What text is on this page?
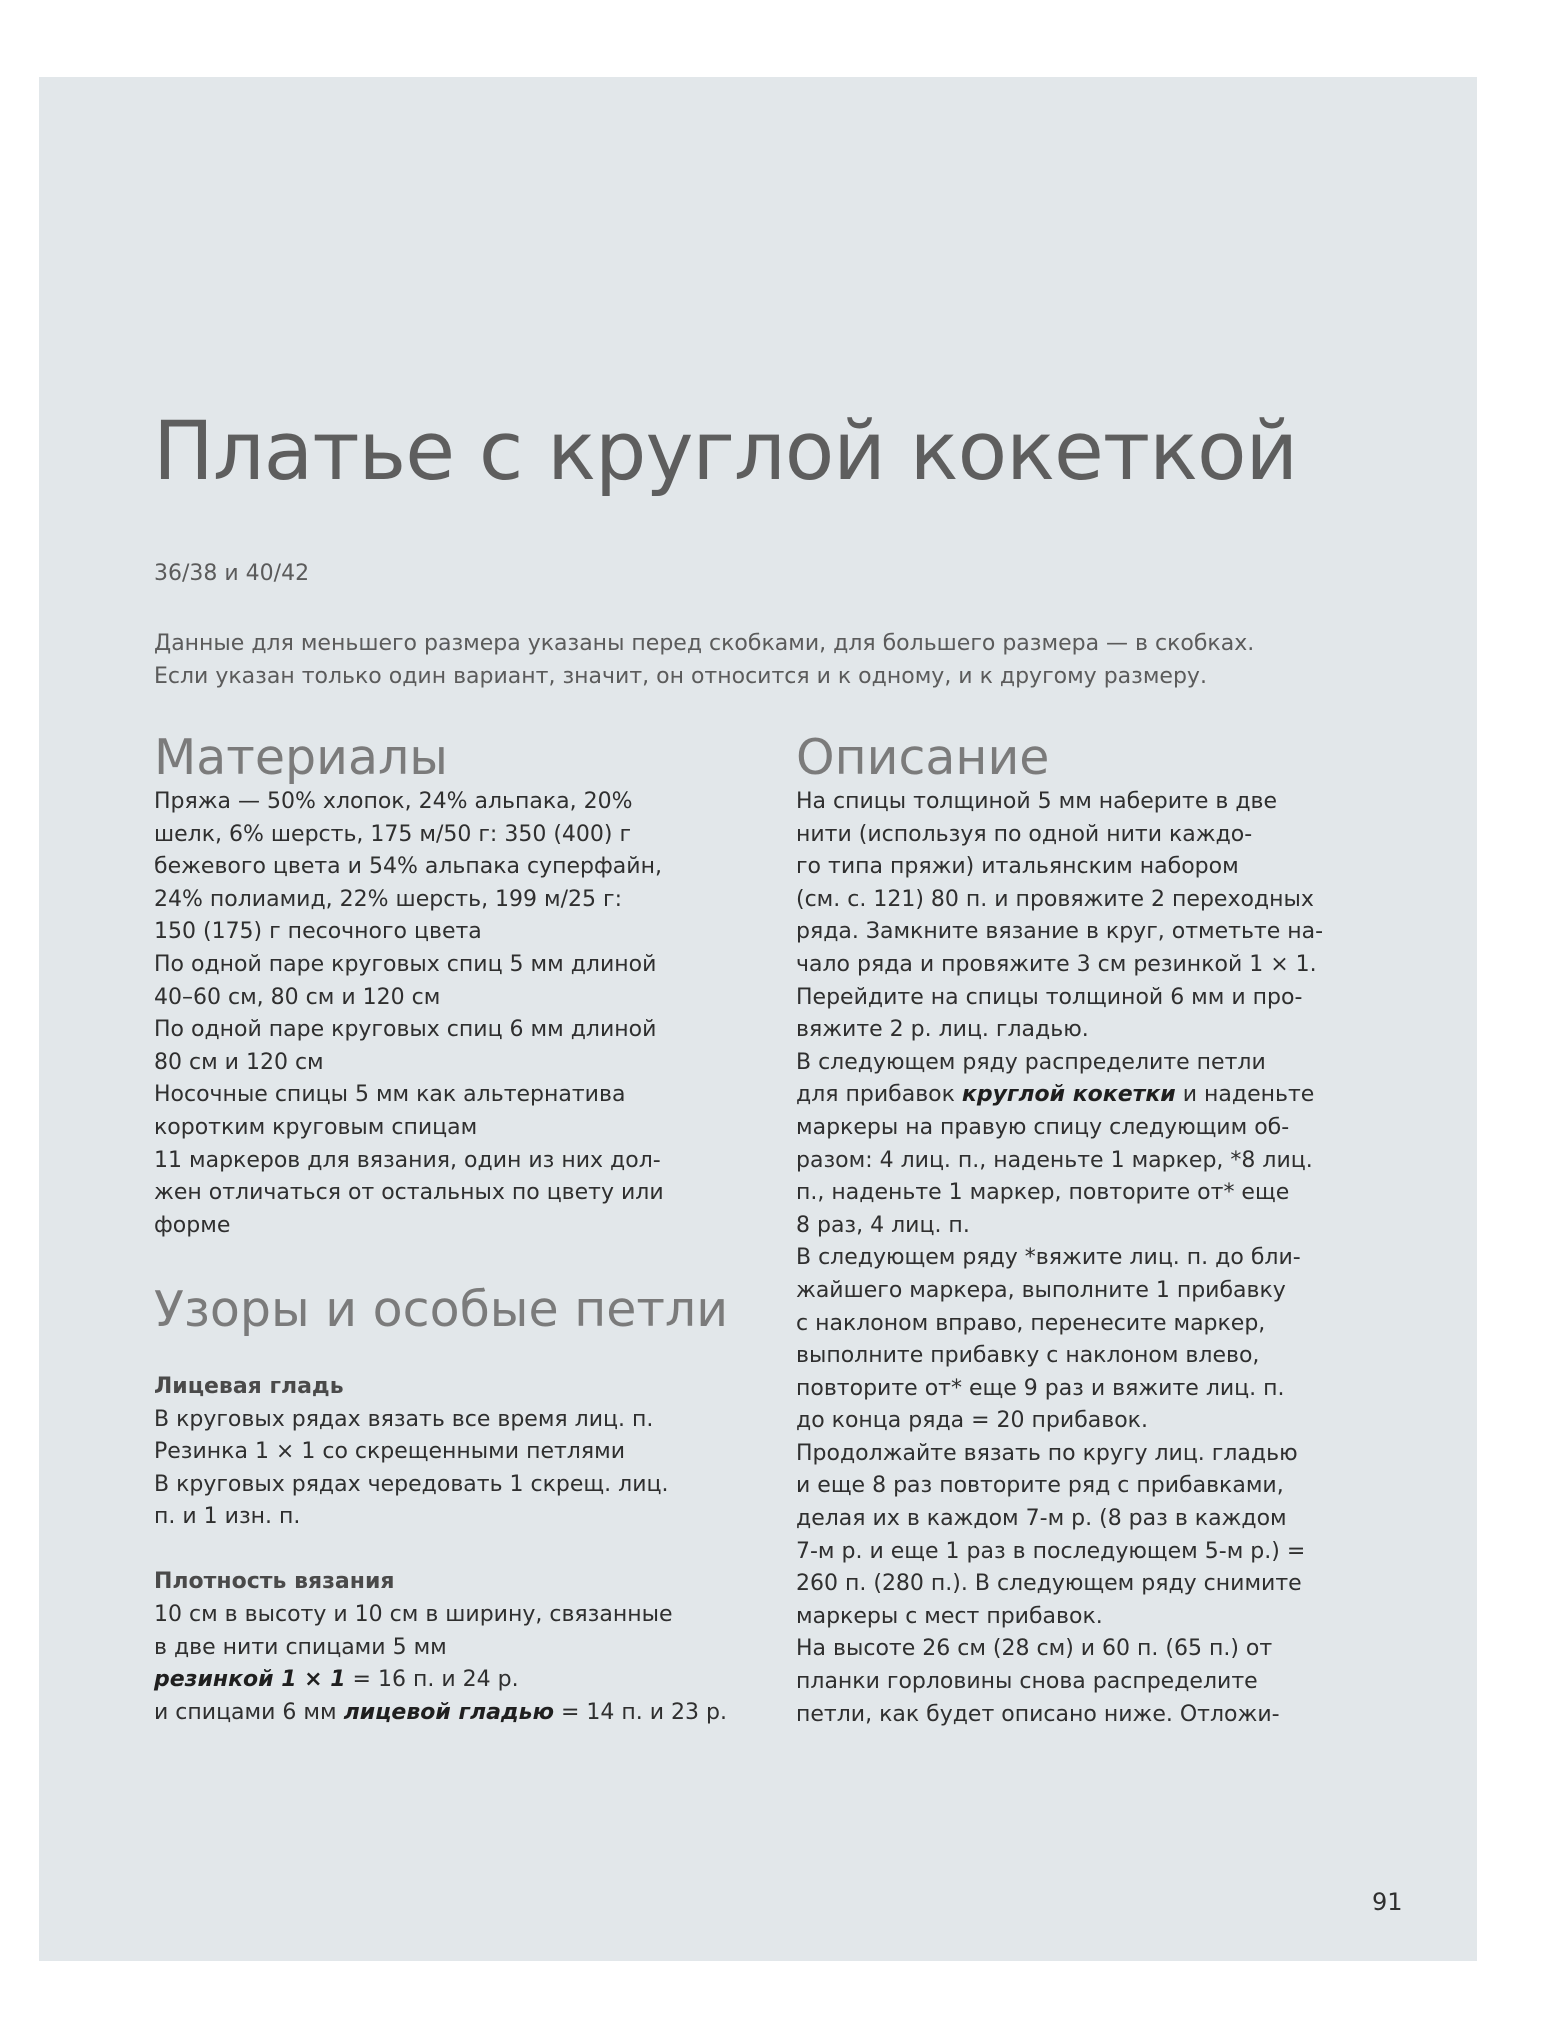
Платье с круглой кокеткой
36/38 и 40/42
Данные для меньшего размера указаны перед скобками, для большего размера — в скобках.
Если указан только один вариант, значит, он относится и к одному, и к другому размеру.
Материалы
Пряжа — 50% хлопок, 24% альпака, 20%
шелк, 6% шерсть, 175 м/50 г: 350 (400) г
бежевого цвета и 54% альпака суперфайн,
24% полиамид, 22% шерсть, 199 м/25 г:
150 (175) г песочного цвета
По одной паре круговых спиц 5 мм длиной
40–60 см, 80 см и 120 см
По одной паре круговых спиц 6 мм длиной
80 см и 120 см
Носочные спицы 5 мм как альтернатива
коротким круговым спицам
11 маркеров для вязания, один из них дол-
жен отличаться от остальных по цвету или
форме
Узоры и особые петли
Лицевая гладь
В круговых рядах вязать все время лиц. п.
Резинка 1 × 1 со скрещенными петлями
В круговых рядах чередовать 1 скрещ. лиц.
п. и 1 изн. п.
Плотность вязания
10 см в высоту и 10 см в ширину, связанные
в две нити спицами 5 мм
резинкой 1 × 1 = 16 п. и 24 р.
и спицами 6 мм лицевой гладью = 14 п. и 23 р.
Описание
На спицы толщиной 5 мм наберите в две
нити (используя по одной нити каждо-
го типа пряжи) итальянским набором
(см. с. 121) 80 п. и провяжите 2 переходных
ряда. Замкните вязание в круг, отметьте на-
чало ряда и провяжите 3 см резинкой 1 × 1.
Перейдите на спицы толщиной 6 мм и про-
вяжите 2 р. лиц. гладью.
В следующем ряду распределите петли
для прибавок круглой кокетки и наденьте
маркеры на правую спицу следующим об-
разом: 4 лиц. п., наденьте 1 маркер, *8 лиц.
п., наденьте 1 маркер, повторите от* еще
8 раз, 4 лиц. п.
В следующем ряду *вяжите лиц. п. до бли-
жайшего маркера, выполните 1 прибавку
с наклоном вправо, перенесите маркер,
выполните прибавку с наклоном влево,
повторите от* еще 9 раз и вяжите лиц. п.
до конца ряда = 20 прибавок.
Продолжайте вязать по кругу лиц. гладью
и еще 8 раз повторите ряд с прибавками,
делая их в каждом 7-м р. (8 раз в каждом
7-м р. и еще 1 раз в последующем 5-м р.) =
260 п. (280 п.). В следующем ряду снимите
маркеры с мест прибавок.
На высоте 26 см (28 см) и 60 п. (65 п.) от
планки горловины снова распределите
петли, как будет описано ниже. Отложи-
91
